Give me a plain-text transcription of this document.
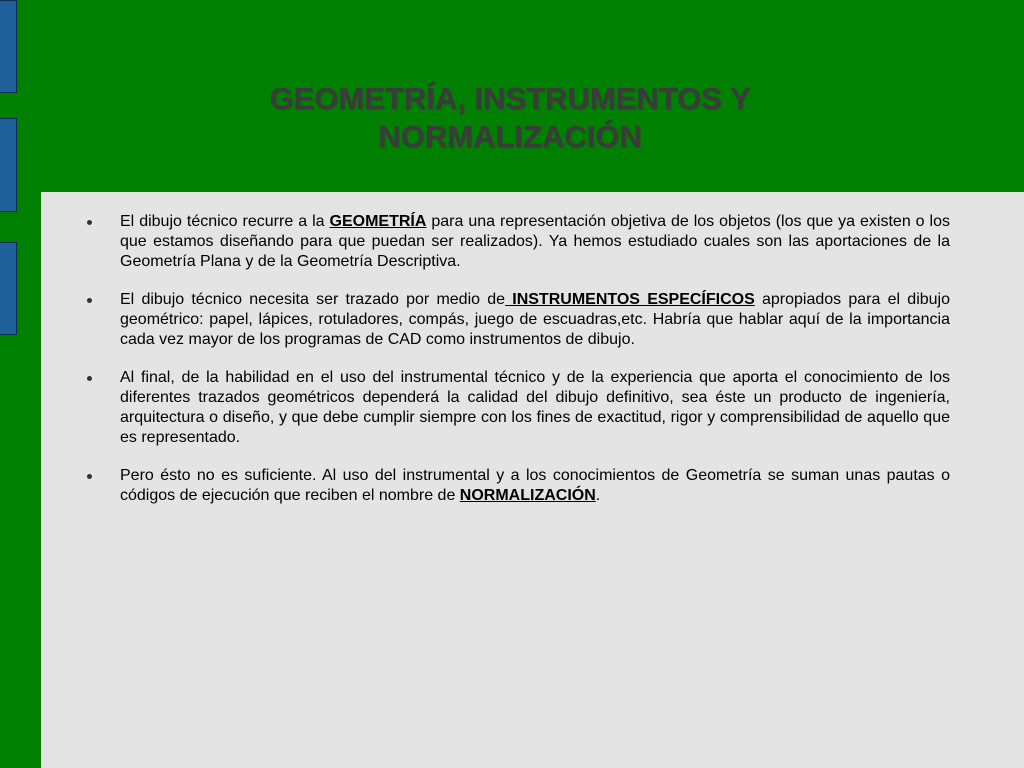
GEOMETRÍA, INSTRUMENTOS Y NORMALIZACIÓN
El dibujo técnico recurre a la GEOMETRÍA para una representación objetiva de los objetos (los que ya existen o los que estamos diseñando para que puedan ser realizados). Ya hemos estudiado cuales son las aportaciones de la Geometría Plana y de la Geometría Descriptiva.
El dibujo técnico necesita ser trazado por medio de INSTRUMENTOS ESPECÍFICOS apropiados para el dibujo geométrico: papel, lápices, rotuladores, compás, juego de escuadras,etc. Habría que hablar aquí de la importancia cada vez mayor de los programas de CAD como instrumentos de dibujo.
Al final, de la habilidad en el uso del instrumental técnico y de la experiencia que aporta el conocimiento de los diferentes trazados geométricos dependerá la calidad del dibujo definitivo, sea éste un producto de ingeniería, arquitectura o diseño, y que debe cumplir siempre con los fines de exactitud, rigor y comprensibilidad de aquello que es representado.
Pero ésto no es suficiente. Al uso del instrumental y a los conocimientos de Geometría se suman unas pautas o códigos de ejecución que reciben el nombre de NORMALIZACIÓN.
